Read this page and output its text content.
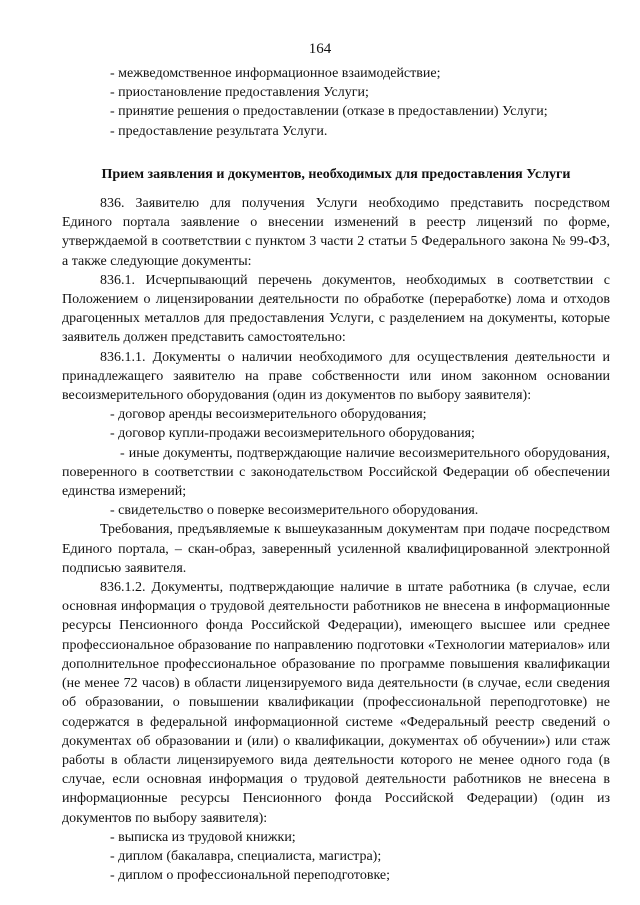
164

- межведомственное информационное взаимодействие;

- приостановление предоставления Услуги;

- принятие решения о предоставлении (отказе в предоставлении) Услуги;

- предоставление результата Услуги.

Прием заявления и документов, необходимых для предоставления Услуги

836. Заявителю для получения Услуги необходимо представить посредством Единого портала заявление о внесении изменений в реестр лицензий по форме, утверждаемой в соответствии с пунктом 3 части 2 статьи 5 Федерального закона № 99-ФЗ, а также следующие документы:

836.1. Исчерпывающий перечень документов, необходимых в соответствии с Положением о лицензировании деятельности по обработке (переработке) лома и отходов драгоценных металлов для предоставления Услуги, с разделением на документы, которые заявитель должен представить самостоятельно:

836.1.1. Документы о наличии необходимого для осуществления деятельности и принадлежащего заявителю на праве собственности или ином законном основании весоизмерительного оборудования (один из документов по выбору заявителя):

- договор аренды весоизмерительного оборудования;

- договор купли-продажи весоизмерительного оборудования;

- иные документы, подтверждающие наличие весоизмерительного оборудования, поверенного в соответствии с законодательством Российской Федерации об обеспечении единства измерений;

- свидетельство о поверке весоизмерительного оборудования.

Требования, предъявляемые к вышеуказанным документам при подаче посредством Единого портала, – скан-образ, заверенный усиленной квалифицированной электронной подписью заявителя.

836.1.2. Документы, подтверждающие наличие в штате работника (в случае, если основная информация о трудовой деятельности работников не внесена в информационные ресурсы Пенсионного фонда Российской Федерации), имеющего высшее или среднее профессиональное образование по направлению подготовки «Технологии материалов» или дополнительное профессиональное образование по программе повышения квалификации (не менее 72 часов) в области лицензируемого вида деятельности (в случае, если сведения об образовании, о повышении квалификации (профессиональной переподготовке) не содержатся в федеральной информационной системе «Федеральный реестр сведений о документах об образовании и (или) о квалификации, документах об обучении») или стаж работы в области лицензируемого вида деятельности которого не менее одного года (в случае, если основная информация о трудовой деятельности работников не внесена в информационные ресурсы Пенсионного фонда Российской Федерации) (один из документов по выбору заявителя):

- выписка из трудовой книжки;

- диплом (бакалавра, специалиста, магистра);

- диплом о профессиональной переподготовке;
